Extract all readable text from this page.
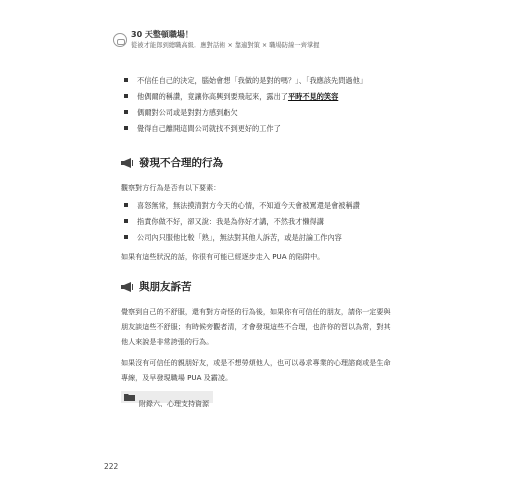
30 天整頓職場！
從被才能郎到總職高級．應對話術 × 靠適對策 × 職場防線一齊掌握
不信任自己的決定，腦始會想「我做的是對的嗎？」、「我應該先問過他」
他偶爾的稱讚，竟讓你高興到要飛起來，露出了平時不見的笑容
偶爾對公司或是對對方感到虧欠
覺得自己離開這間公司就找不到更好的工作了
發現不合理的行為

觀察對方行為是否有以下要素：

喜怒無常，無法摸清對方今天的心情，不知道今天會被罵還是會被稱讚
指責你做不好，卻又說：我是為你好才講，不然我才懶得講
公司內只服他比較「熟」，無法對其他人訴苦，或是討論工作內容

如果有這些狀況的話，你很有可能已經逐步走入 PUA 的陷阱中。

與朋友訴苦

覺察到自己的不舒服，還有對方奇怪的行為後，如果你有可信任的朋友，請你一定要與朋友談這些不舒服；有時候旁觀者清，才會發現這些不合理，也許你的習以為常，對其他人來說是非常誇張的行為。

如果沒有可信任的親朋好友，或是不想勞煩他人，也可以尋求專業的心理諮商或是生命專線，及早發現職場 PUA 及霸凌。

附錄六、心理支持資源
222
